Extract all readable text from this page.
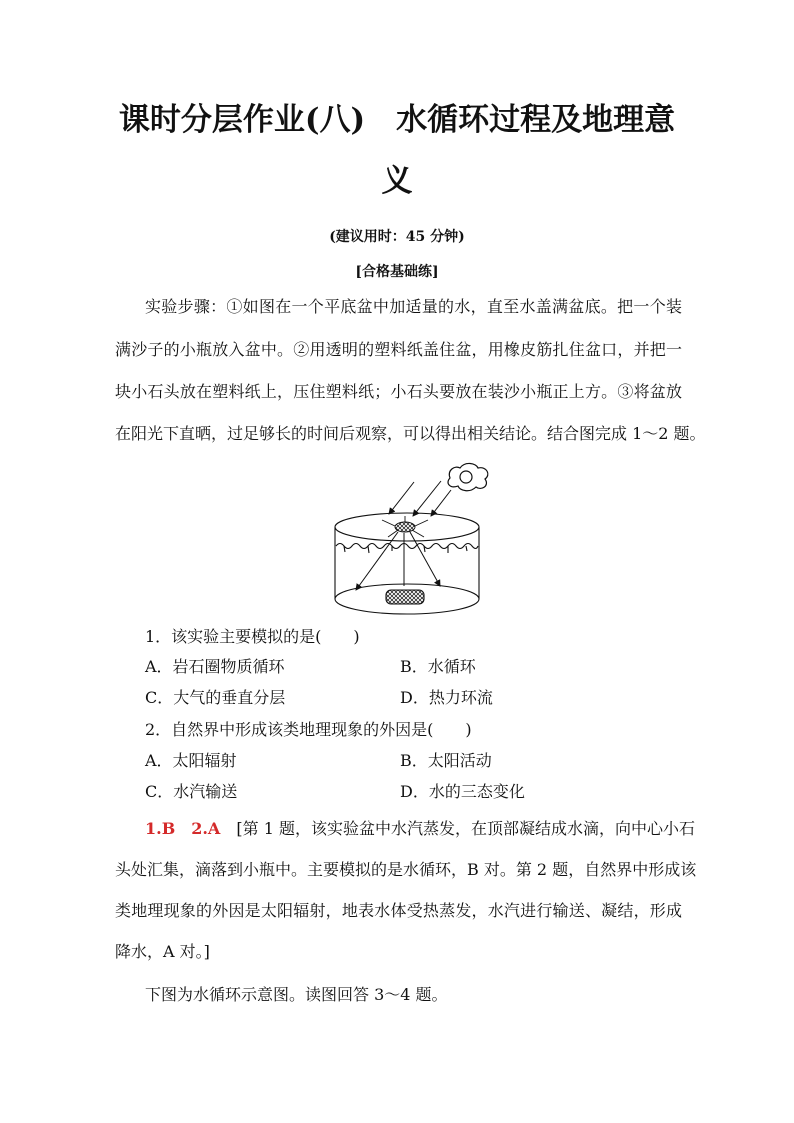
课时分层作业(八)　水循环过程及地理意
义
(建议用时：45 分钟)
[合格基础练]
实验步骤：①如图在一个平底盆中加适量的水，直至水盖满盆底。把一个装
满沙子的小瓶放入盆中。②用透明的塑料纸盖住盆，用橡皮筋扎住盆口，并把一
块小石头放在塑料纸上，压住塑料纸；小石头要放在装沙小瓶正上方。③将盆放
在阳光下直晒，过足够长的时间后观察，可以得出相关结论。结合图完成 1～2 题。
1．该实验主要模拟的是(　　)
A．岩石圈物质循环	B．水循环
C．大气的垂直分层	D．热力环流
2．自然界中形成该类地理现象的外因是(　　)
A．太阳辐射	B．太阳活动
C．水汽输送	D．水的三态变化
1.B　2.A [第 1 题，该实验盆中水汽蒸发，在顶部凝结成水滴，向中心小石
头处汇集，滴落到小瓶中。主要模拟的是水循环，B 对。第 2 题，自然界中形成该
类地理现象的外因是太阳辐射，地表水体受热蒸发，水汽进行输送、凝结，形成
降水，A 对。]
下图为水循环示意图。读图回答 3～4 题。
